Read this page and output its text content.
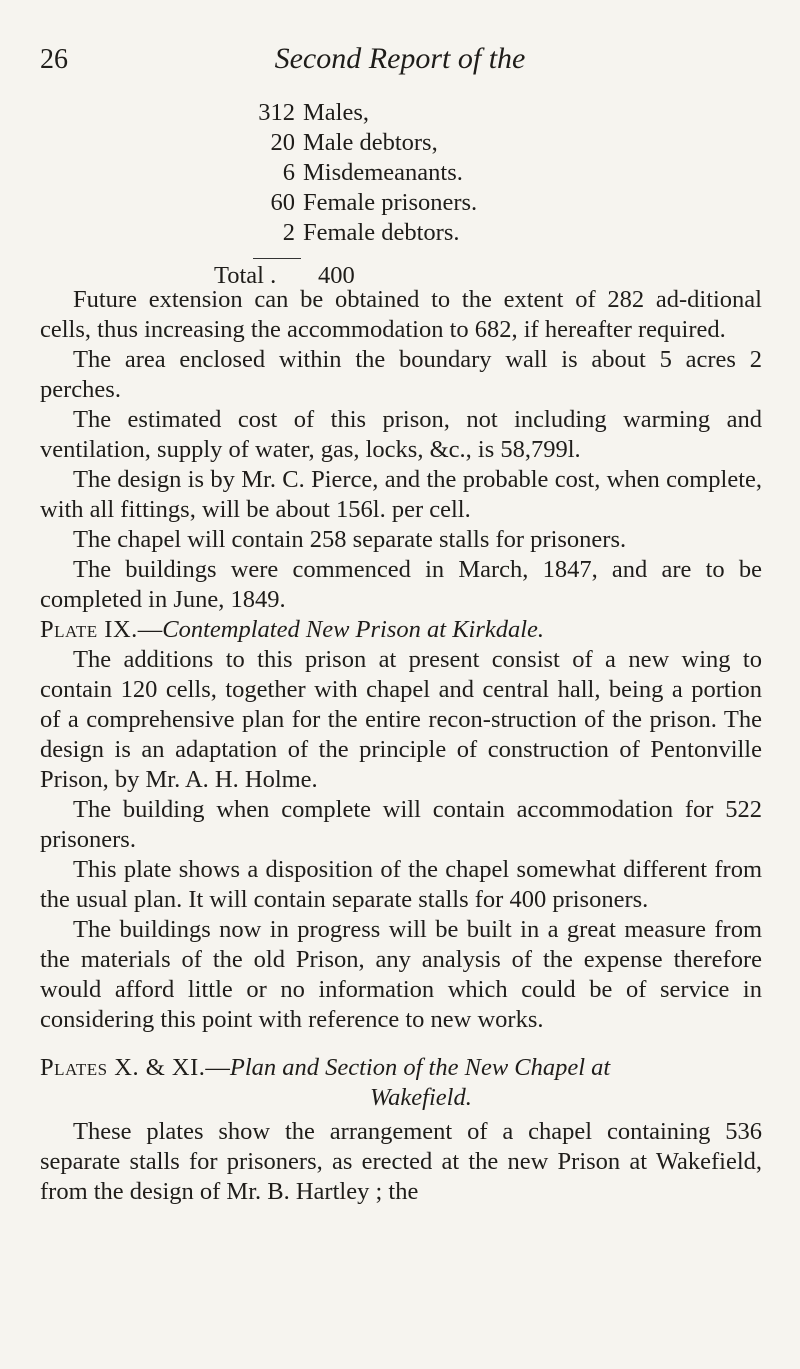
26	Second Report of the
312 Males,
20 Male debtors,
6 Misdemeanants.
60 Female prisoners.
2 Female debtors.
Total . 400

Future extension can be obtained to the extent of 282 ad-ditional cells, thus increasing the accommodation to 682, if hereafter required.

The area enclosed within the boundary wall is about 5 acres 2 perches.

The estimated cost of this prison, not including warming and ventilation, supply of water, gas, locks, &c., is 58,799l.

The design is by Mr. C. Pierce, and the probable cost, when complete, with all fittings, will be about 156l. per cell.

The chapel will contain 258 separate stalls for prisoners.

The buildings were commenced in March, 1847, and are to be completed in June, 1849.

Plate IX.—Contemplated New Prison at Kirkdale.

The additions to this prison at present consist of a new wing to contain 120 cells, together with chapel and central hall, being a portion of a comprehensive plan for the entire recon-struction of the prison. The design is an adaptation of the principle of construction of Pentonville Prison, by Mr. A. H. Holme.

The building when complete will contain accommodation for 522 prisoners.

This plate shows a disposition of the chapel somewhat different from the usual plan. It will contain separate stalls for 400 prisoners.

The buildings now in progress will be built in a great measure from the materials of the old Prison, any analysis of the expense therefore would afford little or no information which could be of service in considering this point with reference to new works.

Plates X. & XI.—Plan and Section of the New Chapel at
Wakefield.

These plates show the arrangement of a chapel containing 536 separate stalls for prisoners, as erected at the new Prison at Wakefield, from the design of Mr. B. Hartley ; the
